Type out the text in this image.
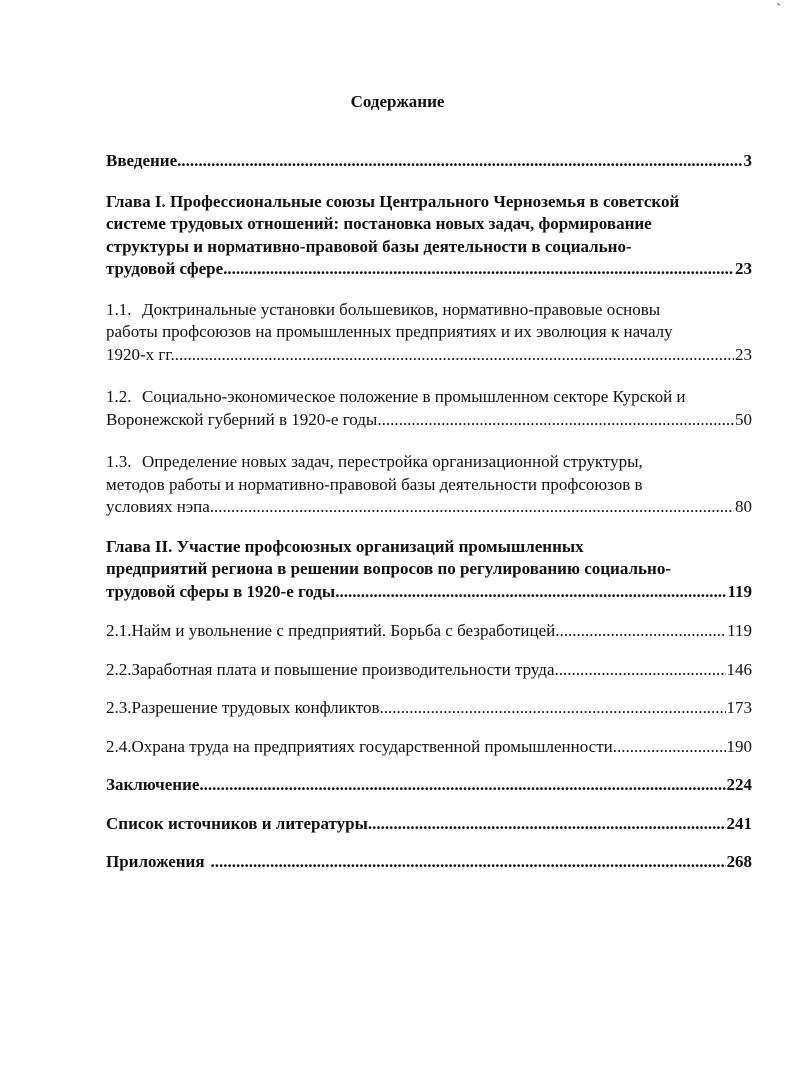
`
Содержание
Введение .....	3
Глава I. Профессиональные союзы Центрального Черноземья в советской
системе трудовых отношений: постановка новых задач, формирование
структуры и нормативно-правовой базы деятельности в социально-
трудовой сфере .....	23
1.1. Доктринальные установки большевиков, нормативно-правовые основы
работы профсоюзов на промышленных предприятиях и их эволюция к началу
1920-х гг. .....	23
1.2. Социально-экономическое положение в промышленном секторе Курской и
Воронежской губерний в 1920-е годы .....	50
1.3. Определение новых задач, перестройка организационной структуры,
методов работы и нормативно-правовой базы деятельности профсоюзов в
условиях нэпа .....	80
Глава II. Участие профсоюзных организаций промышленных
предприятий региона в решении вопросов по регулированию социально-
трудовой сферы в 1920-е годы .....	119
2.1. Найм и увольнение с предприятий. Борьба с безработицей .....	119
2.2. Заработная плата и повышение производительности труда .....	146
2.3. Разрешение трудовых конфликтов .....	173
2.4. Охрана труда на предприятиях государственной промышленности .....	190
Заключение .....	224
Список источников и литературы .....	241
Приложения .....	268
